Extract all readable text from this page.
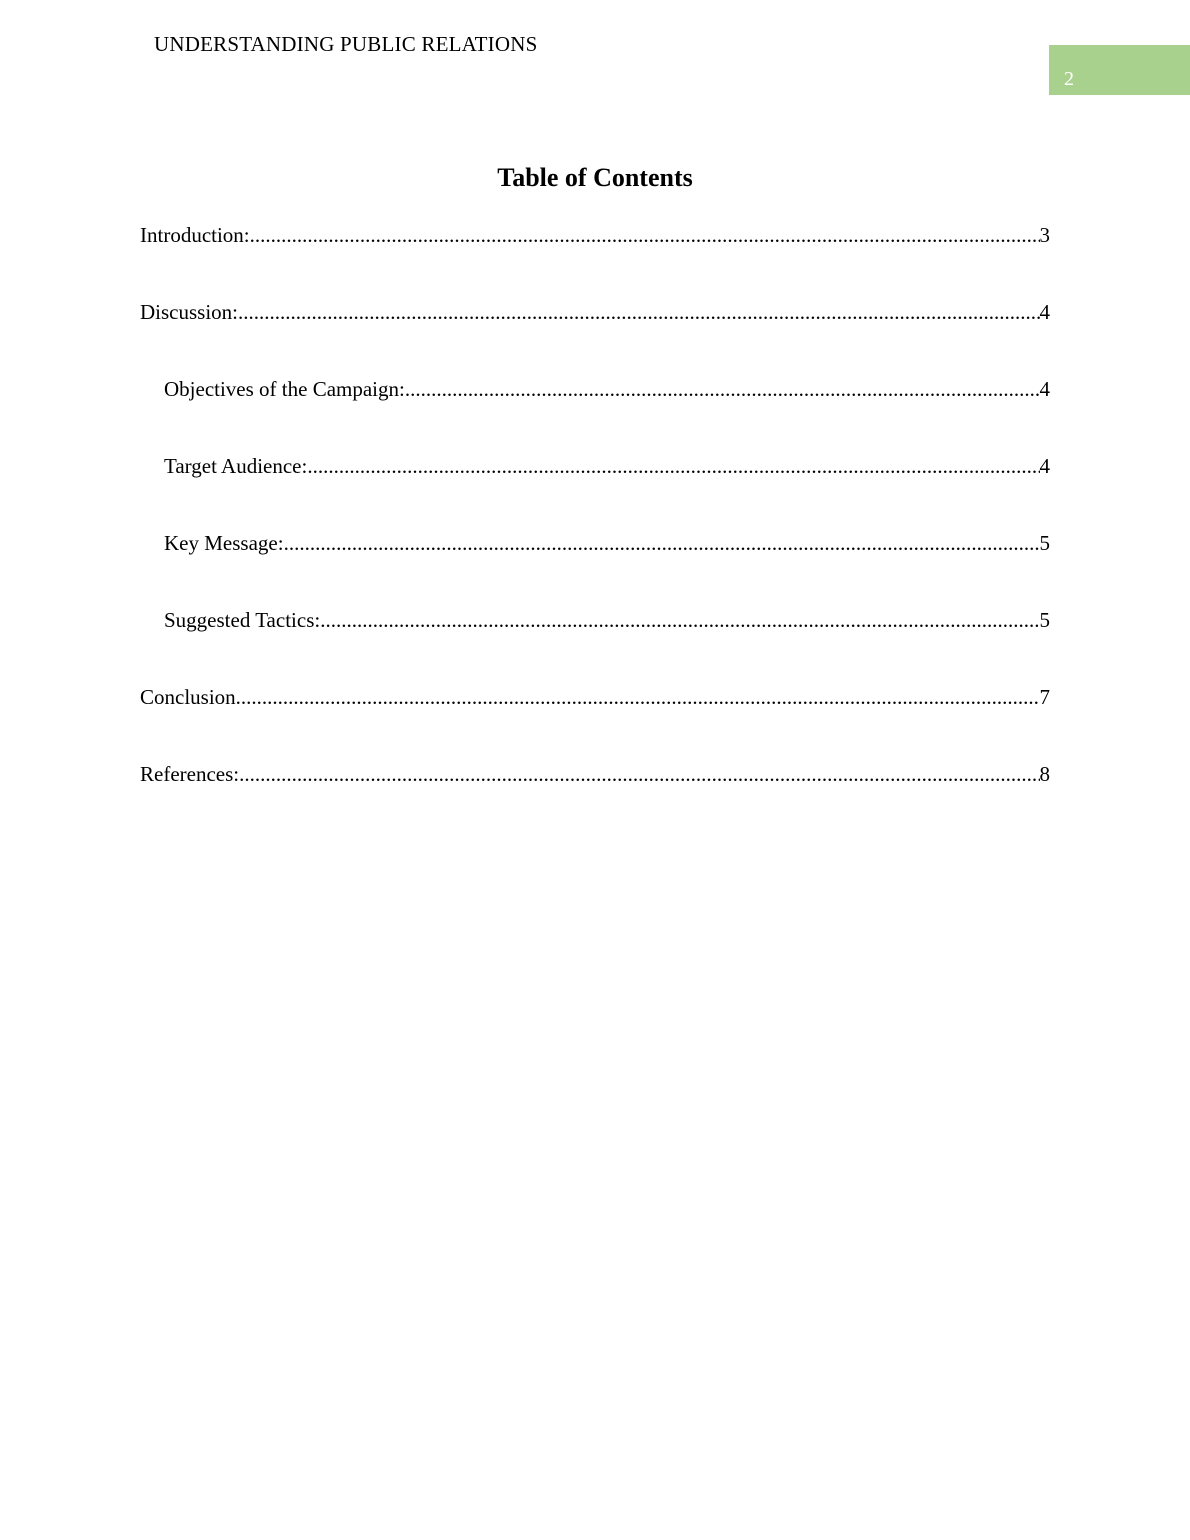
UNDERSTANDING PUBLIC RELATIONS
2
Table of Contents
Introduction: .....	3
Discussion: .....	4
Objectives of the Campaign: .....	4
Target Audience: .....	4
Key Message: .....	5
Suggested Tactics: .....	5
Conclusion .....	7
References: .....	8
